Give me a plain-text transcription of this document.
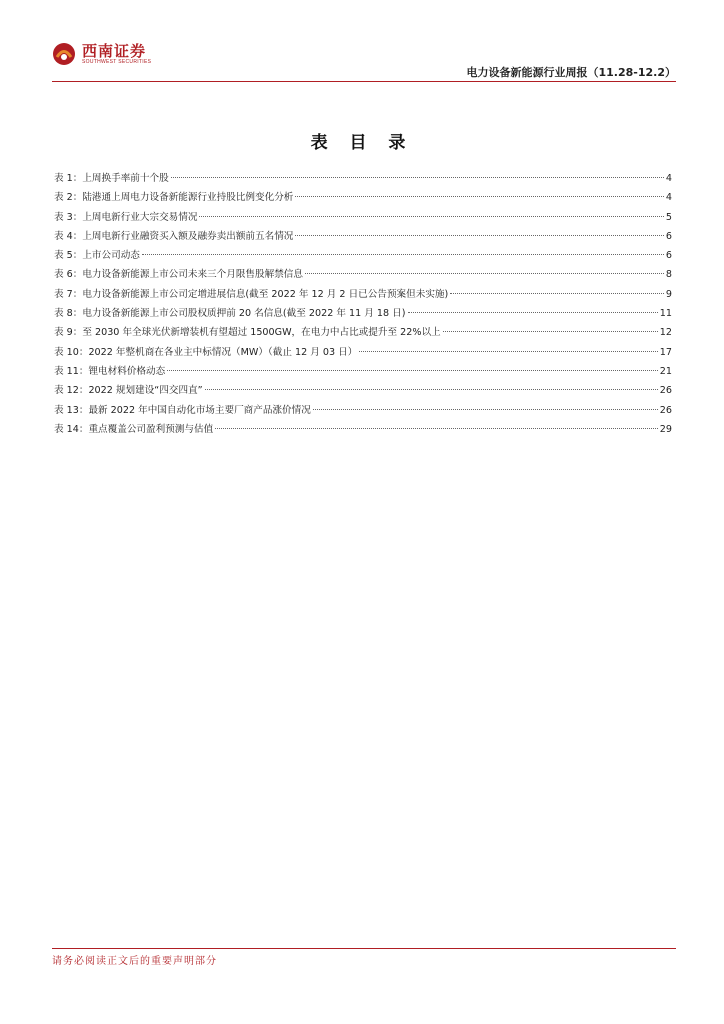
西南证券
SOUTHWEST SECURITIES
电力设备新能源行业周报（11.28-12.2）
表 目 录
表 1：上周换手率前十个股	4
表 2：陆港通上周电力设备新能源行业持股比例变化分析	4
表 3：上周电新行业大宗交易情况	5
表 4：上周电新行业融资买入额及融券卖出额前五名情况	6
表 5：上市公司动态	6
表 6：电力设备新能源上市公司未来三个月限售股解禁信息	8
表 7：电力设备新能源上市公司定增进展信息(截至 2022 年 12 月 2 日已公告预案但未实施)	9
表 8：电力设备新能源上市公司股权质押前 20 名信息(截至 2022 年 11 月 18 日)	11
表 9：至 2030 年全球光伏新增装机有望超过 1500GW，在电力中占比或提升至 22%以上	12
表 10：2022 年整机商在各业主中标情况（MW）（截止 12 月 03 日）	17
表 11：锂电材料价格动态	21
表 12：2022 规划建设“四交四直”	26
表 13：最新 2022 年中国自动化市场主要厂商产品涨价情况	26
表 14：重点覆盖公司盈利预测与估值	29
请务必阅读正文后的重要声明部分
